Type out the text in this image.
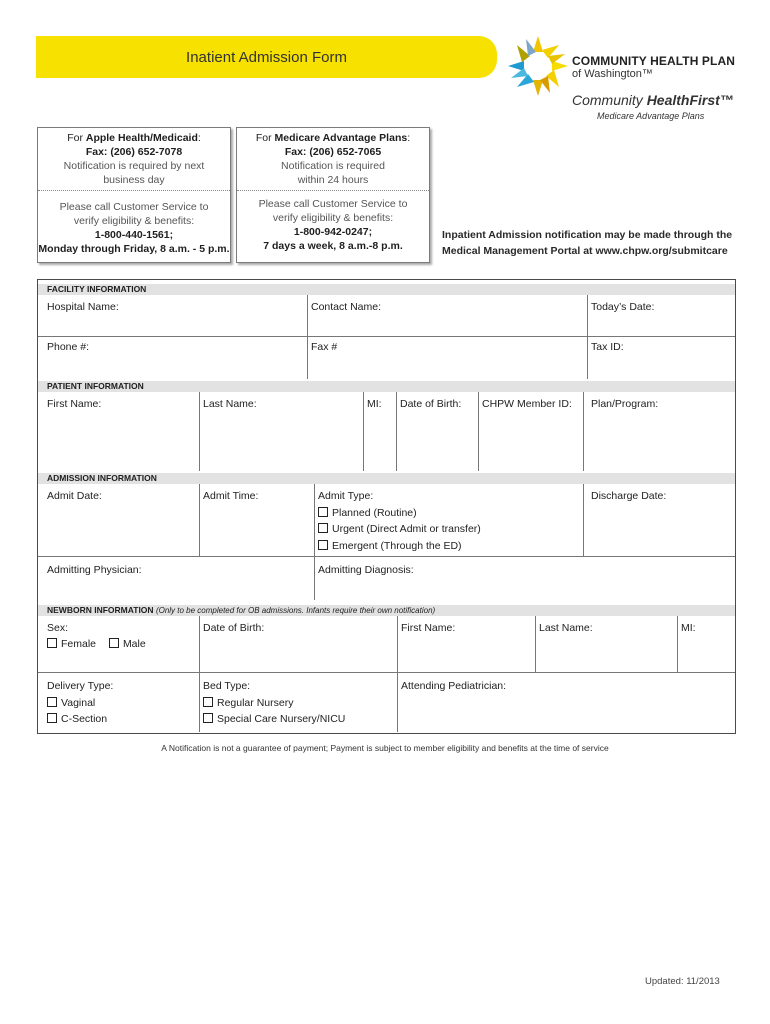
Inatient Admission Form	COMMUNITY HEALTH PLAN
of Washington™
Community HealthFirst™
Medicare Advantage Plans
For Apple Health/Medicaid:
Fax: (206) 652-7078
Notification is required by next business day
Please call Customer Service to verify eligibility & benefits:
1-800-440-1561;
Monday through Friday, 8 a.m. - 5 p.m.
For Medicare Advantage Plans:
Fax: (206) 652-7065
Notification is required within 24 hours
Please call Customer Service to verify eligibility & benefits:
1-800-942-0247;
7 days a week, 8 a.m.-8 p.m.
Inpatient Admission notification may be made through the
Medical Management Portal at www.chpw.org/submitcare
FACILITY INFORMATION
Hospital Name:	Contact Name:	Today’s Date:
Phone #:	Fax #	Tax ID:
PATIENT INFORMATION
First Name:	Last Name:	MI: Date of Birth: CHPW Member ID: Plan/Program:
ADMISSION INFORMATION
Admit Date:	Admit Time:	Admit Type:
Planned (Routine)
Urgent (Direct Admit or transfer)
Emergent (Through the ED)
Discharge Date:
Admitting Physician:	Admitting Diagnosis:
NEWBORN INFORMATION (Only to be completed for OB admissions. Infants require their own notification)
Sex:
Female	Male
Date of Birth:	First Name:	Last Name:	MI:
Delivery Type:
Vaginal
C-Section
Bed Type:
Regular Nursery
Special Care Nursery/NICU
Attending Pediatrician:
A Notification is not a guarantee of payment; Payment is subject to member eligibility and benefits at the time of service
Updated: 11/2013
